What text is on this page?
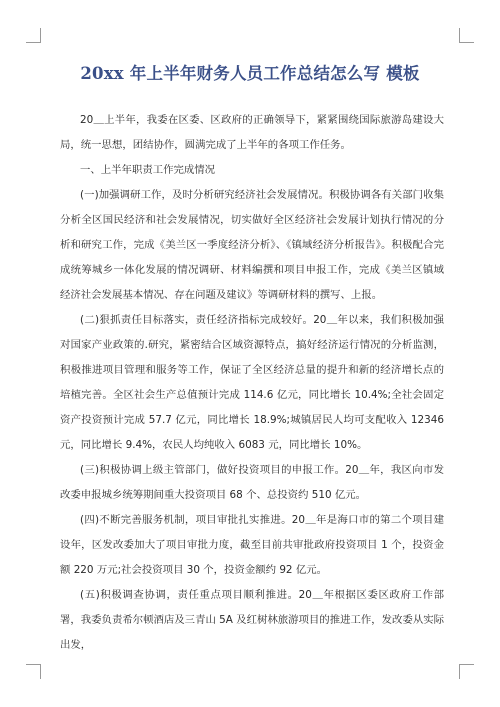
20xx 年上半年财务人员工作总结怎么写 模板

20＿上半年，我委在区委、区政府的正确领导下，紧紧围绕国际旅游岛建设大局，统一思想，团结协作，圆满完成了上半年的各项工作任务。

一、上半年职责工作完成情况

(一)加强调研工作，及时分析研究经济社会发展情况。积极协调各有关部门收集分析全区国民经济和社会发展情况，切实做好全区经济社会发展计划执行情况的分析和研究工作，完成《美兰区一季度经济分析》、《镇域经济分析报告》。积极配合完成统筹城乡一体化发展的情况调研、材料编撰和项目申报工作，完成《美兰区镇域经济社会发展基本情况、存在问题及建议》等调研材料的撰写、上报。

(二)狠抓责任目标落实，责任经济指标完成较好。20＿年以来，我们积极加强对国家产业政策的.研究，紧密结合区域资源特点，搞好经济运行情况的分析监测，积极推进项目管理和服务等工作，保证了全区经济总量的提升和新的经济增长点的培植完善。全区社会生产总值预计完成 114.6 亿元，同比增长 10.4%;全社会固定资产投资预计完成 57.7 亿元，同比增长 18.9%;城镇居民人均可支配收入 12346 元，同比增长 9.4%，农民人均纯收入 6083 元，同比增长 10%。

(三)积极协调上级主管部门，做好投资项目的申报工作。20＿年，我区向市发改委申报城乡统筹期间重大投资项目 68 个、总投资约 510 亿元。

(四)不断完善服务机制，项目审批扎实推进。20＿年是海口市的第二个项目建设年，区发改委加大了项目审批力度，截至目前共审批政府投资项目 1 个，投资金额 220 万元;社会投资项目 30 个，投资金额约 92 亿元。

(五)积极调查协调，责任重点项目顺利推进。20＿年根据区委区政府工作部署，我委负责希尔顿酒店及三青山 5A 及红树林旅游项目的推进工作，发改委从实际出发，
